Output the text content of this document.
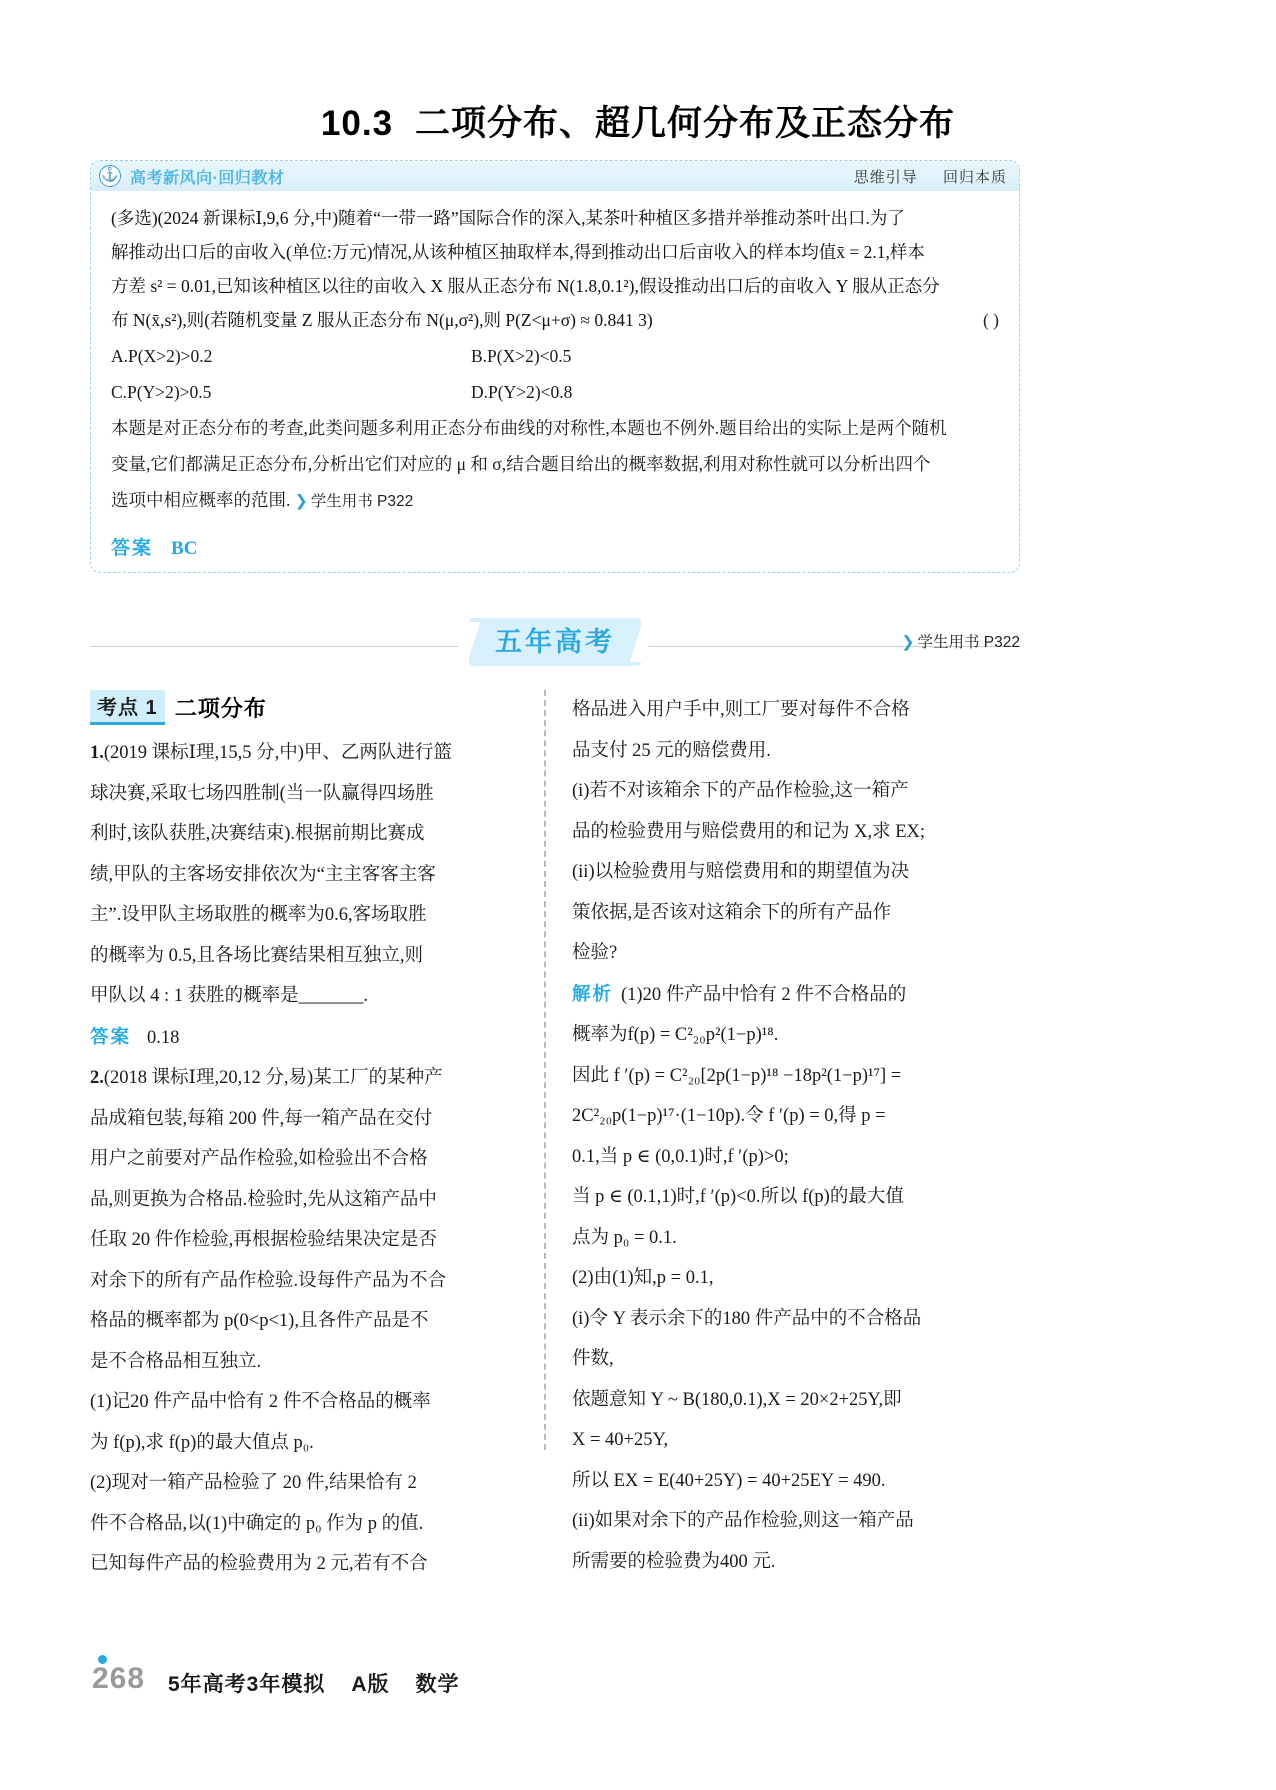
10.3 二项分布、超几何分布及正态分布
⚓ 高考新风向·回归教材	思维引导 回归本质
(多选)(2024 新课标Ⅰ,9,6 分,中)随着“一带一路”国际合作的深入,某茶叶种植区多措并举推动茶叶出口.为了
解推动出口后的亩收入(单位:万元)情况,从该种植区抽取样本,得到推动出口后亩收入的样本均值x̄ = 2.1,样本
方差 s² = 0.01,已知该种植区以往的亩收入 X 服从正态分布 N(1.8,0.1²),假设推动出口后的亩收入 Y 服从正态分
布 N(x̄,s²),则(若随机变量 Z 服从正态分布 N(μ,σ²),则 P(Z<μ+σ) ≈ 0.841 3)	( )
A.P(X>2)>0.2	B.P(X>2)<0.5
C.P(Y>2)>0.5	D.P(Y>2)<0.8
本题是对正态分布的考查,此类问题多利用正态分布曲线的对称性,本题也不例外.题目给出的实际上是两个随机
变量,它们都满足正态分布,分析出它们对应的 μ 和 σ,结合题目给出的概率数据,利用对称性就可以分析出四个
选项中相应概率的范围. ❯ 学生用书 P322
答案 BC
五年高考	❯ 学生用书 P322
考点 1 二项分布

1.(2019 课标Ⅰ理,15,5 分,中)甲、乙两队进行篮

球决赛,采取七场四胜制(当一队赢得四场胜

利时,该队获胜,决赛结束).根据前期比赛成

绩,甲队的主客场安排依次为“主主客客主客

主”.设甲队主场取胜的概率为0.6,客场取胜

的概率为 0.5,且各场比赛结果相互独立,则

甲队以 4 : 1 获胜的概率是_______.

答案 0.18

2.(2018 课标Ⅰ理,20,12 分,易)某工厂的某种产

品成箱包装,每箱 200 件,每一箱产品在交付

用户之前要对产品作检验,如检验出不合格

品,则更换为合格品.检验时,先从这箱产品中

任取 20 件作检验,再根据检验结果决定是否

对余下的所有产品作检验.设每件产品为不合

格品的概率都为 p(0<p<1),且各件产品是不

是不合格品相互独立.

(1)记20 件产品中恰有 2 件不合格品的概率

为 f(p),求 f(p)的最大值点 p₀.

(2)现对一箱产品检验了 20 件,结果恰有 2

件不合格品,以(1)中确定的 p₀ 作为 p 的值.

已知每件产品的检验费用为 2 元,若有不合

格品进入用户手中,则工厂要对每件不合格

品支付 25 元的赔偿费用.

(i)若不对该箱余下的产品作检验,这一箱产

品的检验费用与赔偿费用的和记为 X,求 EX;

(ii)以检验费用与赔偿费用和的期望值为决

策依据,是否该对这箱余下的所有产品作

检验?

解析 (1)20 件产品中恰有 2 件不合格品的

概率为f(p) = C²₂₀p²(1−p)¹⁸.

因此 f ′(p) = C²₂₀[2p(1−p)¹⁸ −18p²(1−p)¹⁷] =

2C²₂₀p(1−p)¹⁷·(1−10p).令 f ′(p) = 0,得 p =

0.1,当 p ∈ (0,0.1)时,f ′(p)>0;

当 p ∈ (0.1,1)时,f ′(p)<0.所以 f(p)的最大值

点为 p₀ = 0.1.

(2)由(1)知,p = 0.1,

(i)令 Y 表示余下的180 件产品中的不合格品

件数,

依题意知 Y ~ B(180,0.1),X = 20×2+25Y,即

X = 40+25Y,

所以 EX = E(40+25Y) = 40+25EY = 490.

(ii)如果对余下的产品作检验,则这一箱产品

所需要的检验费为400 元.

268 5年高考3年模拟 A版 数学
